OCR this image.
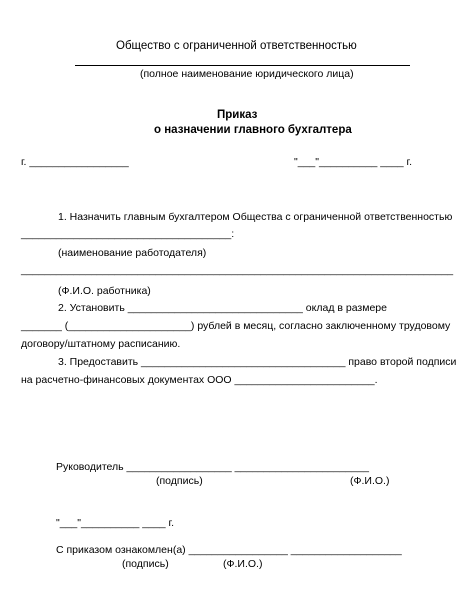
Общество с ограниченной ответственностью
(полное наименование юридического лица)
Приказ
о назначении главного бухгалтера
г. _________________	"___"__________ ____ г.
1. Назначить главным бухгалтером Общества с ограниченной ответственностью
____________________________________:
(наименование работодателя)
__________________________________________________________________________
(Ф.И.О. работника)
2. Установить ______________________________ оклад в размере
_______ (_____________________) рублей в месяц, согласно заключенному трудовому
договору/штатному расписанию.
3. Предоставить ___________________________________ право второй подписи
на расчетно-финансовых документах ООО ________________________.
Руководитель __________________ _______________________
(подпись)	(Ф.И.О.)
"___"__________ ____ г.
С приказом ознакомлен(а) _________________ ___________________
(подпись)	(Ф.И.О.)
